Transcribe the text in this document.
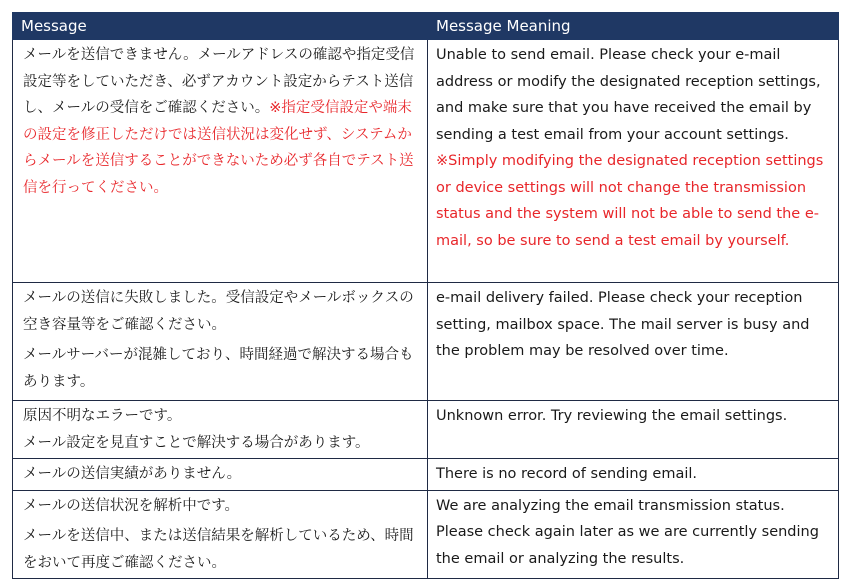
Message	Message Meaning
メールを送信できません。メールアドレスの確認や指定受信設定等をしていただき、必ずアカウント設定からテスト送信し、メールの受信をご確認ください。※指定受信設定や端末の設定を修正しただけでは送信状況は変化せず、システムからメールを送信することができないため必ず各自でテスト送信を行ってください。	Unable to send email. Please check your e-mail address or modify the designated reception settings, and make sure that you have received the email by sending a test email from your account settings. ※Simply modifying the designated reception settings or device settings will not change the transmission status and the system will not be able to send the e-mail, so be sure to send a test email by yourself.

メールの送信に失敗しました。受信設定やメールボックスの空き容量等をご確認ください。
メールサーバーが混雑しており、時間経過で解決する場合もあります。	e-mail delivery failed. Please check your reception setting, mailbox space. The mail server is busy and the problem may be resolved over time.

原因不明なエラーです。
メール設定を見直すことで解決する場合があります。	Unknown error. Try reviewing the email settings.

メールの送信実績がありません。	There is no record of sending email.

メールの送信状況を解析中です。
メールを送信中、または送信結果を解析しているため、時間をおいて再度ご確認ください。	We are analyzing the email transmission status. Please check again later as we are currently sending the email or analyzing the results.
